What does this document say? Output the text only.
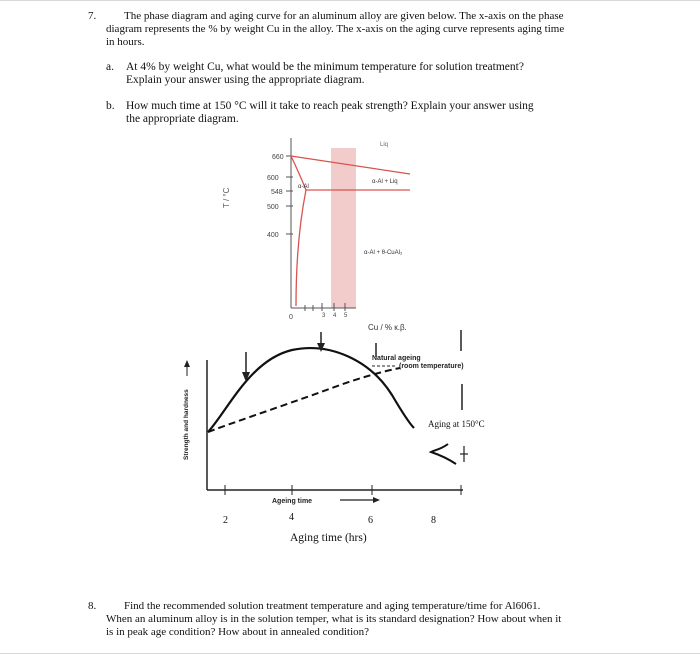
7.	The phase diagram and aging curve for an aluminum alloy are given below. The x-axis on the phase
diagram represents the % by weight Cu in the alloy. The x-axis on the aging curve represents aging time
in hours.
a. At 4% by weight Cu, what would be the minimum temperature for solution treatment?
Explain your answer using the appropriate diagram.
b. How much time at 150 °C will it take to reach peak strength? Explain your answer using
the appropriate diagram.
660
600
548
500
400
T / °C
0	3 4 5
Cu / % к.β.
Liq
α-Al
α-Al + Liq
α-Al + θ-CuAl₂
Strength and hardness
Natural ageing
(room temperature)
Aging at 150°C
Ageing time
2	4	6	8
Aging time (hrs)
8.	Find the recommended solution treatment temperature and aging temperature/time for Al6061.
When an aluminum alloy is in the solution temper, what is its standard designation? How about when it
is in peak age condition? How about in annealed condition?
